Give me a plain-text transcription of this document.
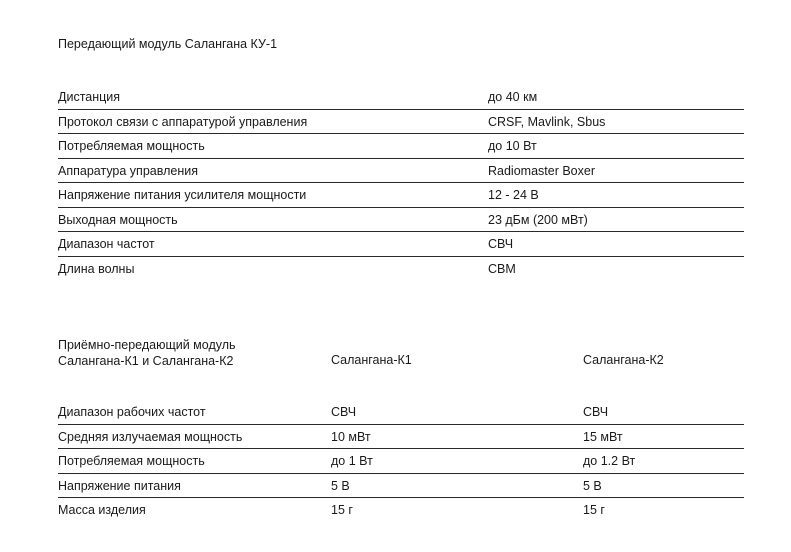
Передающий модуль Салангана КУ-1
Дистанция	до 40 км
Протокол связи с аппаратурой управления	CRSF, Mavlink, Sbus
Потребляемая мощность	до 10 Вт
Аппаратура управления	Radiomaster Boxer
Напряжение питания усилителя мощности	12 - 24 В
Выходная мощность	23 дБм (200 мВт)
Диапазон частот	СВЧ
Длина волны	СВМ
Приёмно-передающий модуль
Салангана-К1 и Салангана-К2	Салангана-К1	Салангана-К2
Диапазон рабочих частот	СВЧ	СВЧ
Средняя излучаемая мощность	10 мВт	15 мВт
Потребляемая мощность	до 1 Вт	до 1.2 Вт
Напряжение питания	5 В	5 В
Масса изделия	15 г	15 г
